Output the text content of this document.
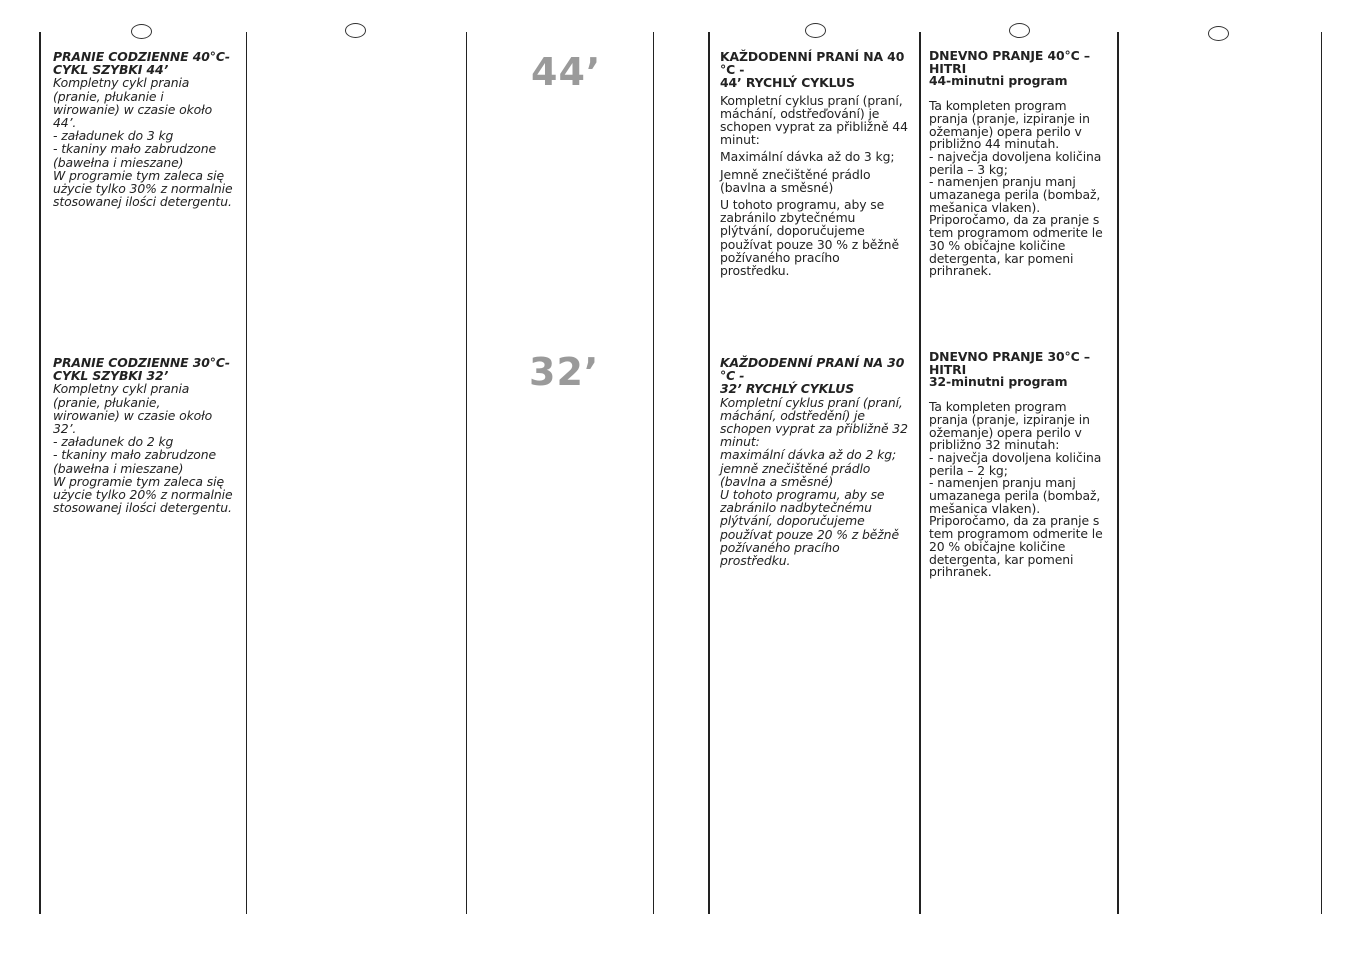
44’
32’

PRANIE CODZIENNE 40°C-
CYKL SZYBKI 44’

Kompletny cykl prania
(pranie, płukanie i
wirowanie) w czasie około
44’.
- załadunek do 3 kg
- tkaniny mało zabrudzone
(bawełna i mieszane)
W programie tym zaleca się
użycie tylko 30% z normalnie
stosowanej ilości detergentu.

PRANIE CODZIENNE 30°C-
CYKL SZYBKI 32’

Kompletny cykl prania
(pranie, płukanie,
wirowanie) w czasie około
32’.
- załadunek do 2 kg
- tkaniny mało zabrudzone
(bawełna i mieszane)
W programie tym zaleca się
użycie tylko 20% z normalnie
stosowanej ilości detergentu.

KAŽDODENNÍ PRANÍ NA 40 °C -
44’ RYCHLÝ CYKLUS

Kompletní cyklus praní (praní,
máchání, odstřeďování) je
schopen vyprat za přibližně 44
minut:

Maximální dávka až do 3 kg;

Jemně znečištěné prádlo
(bavlna a směsné)

U tohoto programu, aby se
zabránilo zbytečnému
plýtvání, doporučujeme
používat pouze 30 % z běžně
požívaného pracího
prostředku.

KAŽDODENNÍ PRANÍ NA 30 °C -
32’ RYCHLÝ CYKLUS

Kompletní cyklus praní (praní,
máchání, odstředění) je
schopen vyprat za přibližně 32
minut:
maximální dávka až do 2 kg;
jemně znečištěné prádlo
(bavlna a směsné)
U tohoto programu, aby se
zabránilo nadbytečnému
plýtvání, doporučujeme
používat pouze 20 % z běžně
požívaného pracího
prostředku.

DNEVNO PRANJE 40°C – HITRI
44-minutni program

Ta kompleten program
pranja (pranje, izpiranje in
ožemanje) opera perilo v
približno 44 minutah.
- največja dovoljena količina
perila – 3 kg;
- namenjen pranju manj
umazanega perila (bombaž,
mešanica vlaken).
Priporočamo, da za pranje s
tem programom odmerite le
30 % običajne količine
detergenta, kar pomeni
prihranek.

DNEVNO PRANJE 30°C – HITRI
32-minutni program

Ta kompleten program
pranja (pranje, izpiranje in
ožemanje) opera perilo v
približno 32 minutah:
- največja dovoljena količina
perila – 2 kg;
- namenjen pranju manj
umazanega perila (bombaž,
mešanica vlaken).
Priporočamo, da za pranje s
tem programom odmerite le
20 % običajne količine
detergenta, kar pomeni
prihranek.
